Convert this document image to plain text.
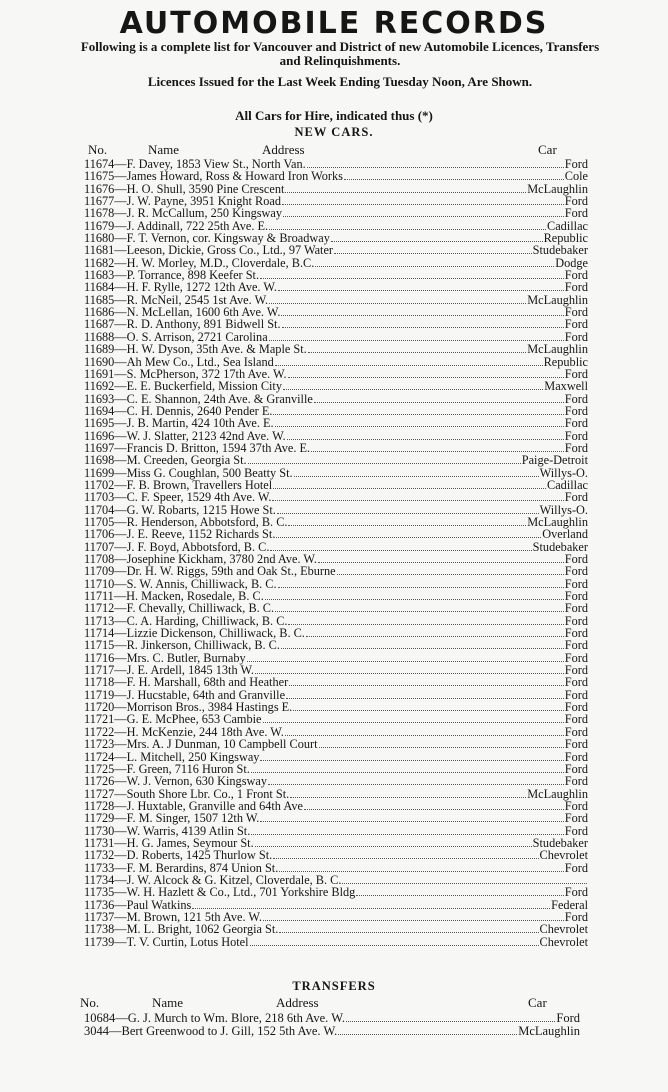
AUTOMOBILE RECORDS
Following is a complete list for Vancouver and District of new Automobile Licences, Transfers and Relinquishments.
Licences Issued for the Last Week Ending Tuesday Noon, Are Shown.
All Cars for Hire, indicated thus (*)
NEW CARS.
No.	Name	Address	Car
11674 — F. Davey, 1853 View St., North Van.	Ford
11675 — James Howard, Ross & Howard Iron Works	Cole
11676 — H. O. Shull, 3590 Pine Crescent	McLaughlin
11677 — J. W. Payne, 3951 Knight Road	Ford
11678 — J. R. McCallum, 250 Kingsway	Ford
11679 — J. Addinall, 722 25th Ave. E.	Cadillac
11680 — F. T. Vernon, cor. Kingsway & Broadway	Republic
11681 — Leeson, Dickie, Gross Co., Ltd., 97 Water	Studebaker
11682 — H. W. Morley, M.D., Cloverdale, B.C.	Dodge
11683 — P. Torrance, 898 Keefer St.	Ford
11684 — H. F. Rylle, 1272 12th Ave. W.	Ford
11685 — R. McNeil, 2545 1st Ave. W.	McLaughlin
11686 — N. McLellan, 1600 6th Ave. W.	Ford
11687 — R. D. Anthony, 891 Bidwell St.	Ford
11688 — O. S. Arrison, 2721 Carolina	Ford
11689 — H. W. Dyson, 35th Ave. & Maple St.	McLaughlin
11690 — Ah Mew Co., Ltd., Sea Island	Republic
11691 — S. McPherson, 372 17th Ave. W.	Ford
11692 — E. E. Buckerfield, Mission City	Maxwell
11693 — C. E. Shannon, 24th Ave. & Granville	Ford
11694 — C. H. Dennis, 2640 Pender E.	Ford
11695 — J. B. Martin, 424 10th Ave. E.	Ford
11696 — W. J. Slatter, 2123 42nd Ave. W.	Ford
11697 — Francis D. Britton, 1594 37th Ave. E.	Ford
11698 — M. Creeden, Georgia St.	Paige-Detroit
11699 — Miss G. Coughlan, 500 Beatty St.	Willys-O.
11702 — F. B. Brown, Travellers Hotel	Cadillac
11703 — C. F. Speer, 1529 4th Ave. W.	Ford
11704 — G. W. Robarts, 1215 Howe St.	Willys-O.
11705 — R. Henderson, Abbotsford, B. C.	McLaughlin
11706 — J. E. Reeve, 1152 Richards St.	Overland
11707 — J. F. Boyd, Abbotsford, B. C.	Studebaker
11708 — Josephine Kickham, 3780 2nd Ave. W.	Ford
11709 — Dr. H. W. Riggs, 59th and Oak St., Eburne	Ford
11710 — S. W. Annis, Chilliwack, B. C.	Ford
11711 — H. Macken, Rosedale, B. C.	Ford
11712 — F. Chevally, Chilliwack, B. C.	Ford
11713 — C. A. Harding, Chilliwack, B. C.	Ford
11714 — Lizzie Dickenson, Chilliwack, B. C.	Ford
11715 — R. Jinkerson, Chilliwack, B. C.	Ford
11716 — Mrs. C. Butler, Burnaby	Ford
11717 — J. E. Ardell, 1845 13th W.	Ford
11718 — F. H. Marshall, 68th and Heather	Ford
11719 — J. Hucstable, 64th and Granville	Ford
11720 — Morrison Bros., 3984 Hastings E.	Ford
11721 — G. E. McPhee, 653 Cambie	Ford
11722 — H. McKenzie, 244 18th Ave. W.	Ford
11723 — Mrs. A. J Dunman, 10 Campbell Court	Ford
11724 — L. Mitchell, 250 Kingsway	Ford
11725 — F. Green, 7116 Huron St.	Ford
11726 — W. J. Vernon, 630 Kingsway	Ford
11727 — South Shore Lbr. Co., 1 Front St.	McLaughlin
11728 — J. Huxtable, Granville and 64th Ave	Ford
11729 — F. M. Singer, 1507 12th W.	Ford
11730 — W. Warris, 4139 Atlin St.	Ford
11731 — H. G. James, Seymour St.	Studebaker
11732 — D. Roberts, 1425 Thurlow St.	Chevrolet
11733 — F. M. Berardins, 874 Union St.	Ford
11734 — J. W. Alcock & G. Kitzel, Cloverdale, B. C.
11735 — W. H. Hazlett & Co., Ltd., 701 Yorkshire Bldg	Ford
11736 — Paul Watkins	Federal
11737 — M. Brown, 121 5th Ave. W.	Ford
11738 — M. L. Bright, 1062 Georgia St.	Chevrolet
11739 — T. V. Curtin, Lotus Hotel	Chevrolet
TRANSFERS
No.	Name	Address	Car
10684 — G. J. Murch to Wm. Blore, 218 6th Ave. W.	Ford
3044 — Bert Greenwood to J. Gill, 152 5th Ave. W.	McLaughlin
